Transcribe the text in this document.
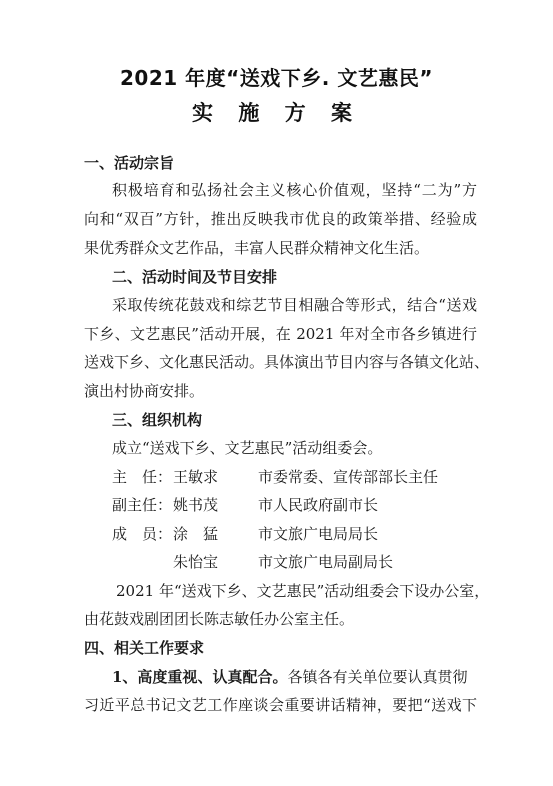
2021 年度“送戏下乡. 文艺惠民”
实 施 方 案
一、活动宗旨
积极培育和弘扬社会主义核心价值观，坚持“二为”方
向和“双百”方针，推出反映我市优良的政策举措、经验成
果优秀群众文艺作品，丰富人民群众精神文化生活。
二、活动时间及节目安排
采取传统花鼓戏和综艺节目相融合等形式，结合“送戏
下乡、文艺惠民”活动开展，在 2021 年对全市各乡镇进行
送戏下乡、文化惠民活动。具体演出节目内容与各镇文化站、
演出村协商安排。
三、组织机构
成立“送戏下乡、文艺惠民”活动组委会。
主　任： 王敏求	市委常委、宣传部部长主任
副主任： 姚书茂	市人民政府副市长
成　员： 涂　猛	市文旅广电局局长
朱怡宝	市文旅广电局副局长
2021 年“送戏下乡、文艺惠民”活动组委会下设办公室，
由花鼓戏剧团团长陈志敏任办公室主任。
四、相关工作要求
1、高度重视、认真配合。各镇各有关单位要认真贯彻
习近平总书记文艺工作座谈会重要讲话精神，要把“送戏下
